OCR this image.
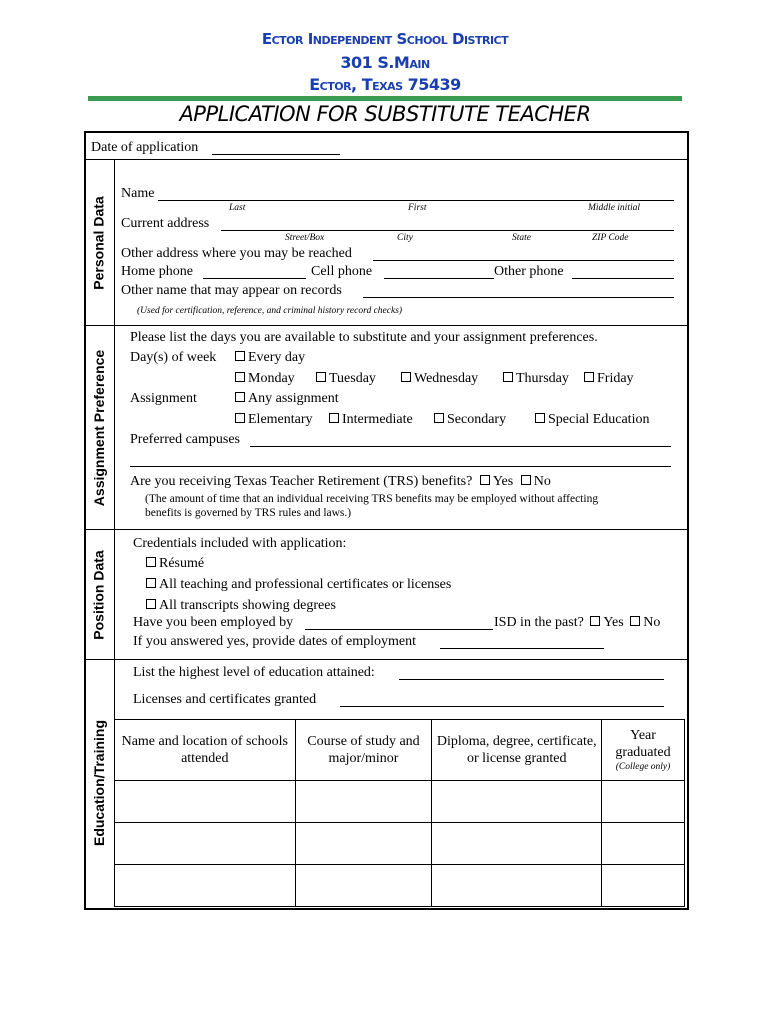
Ector Independent School District
301 S.Main
Ector, Texas 75439
APPLICATION FOR SUBSTITUTE TEACHER
Personal Data
Assignment Preference
Position Data
Education/Training
Date of application
Name
Last	First	Middle initial
Current address
Street/Box	City	State	ZIP Code
Other address where you may be reached
Home phone	Cell phone	Other phone
Other name that may appear on records
(Used for certification, reference, and criminal history record checks)
Please list the days you are available to substitute and your assignment preferences.
Day(s) of week	Every day
Monday	Tuesday	Wednesday	Thursday	Friday
Assignment	Any assignment
Elementary	Intermediate	Secondary	Special Education
Preferred campuses
Are you receiving Texas Teacher Retirement (TRS) benefits? Yes No
(The amount of time that an individual receiving TRS benefits may be employed without affecting
benefits is governed by TRS rules and laws.)
Credentials included with application:
Résumé
All teaching and professional certificates or licenses
All transcripts showing degrees
Have you been employed by	ISD in the past? Yes No
If you answered yes, provide dates of employment
List the highest level of education attained:
Licenses and certificates granted
Name and location of schools attended	Course of study and major/minor	Diploma, degree, certificate, or license granted	Year graduated
(College only)
